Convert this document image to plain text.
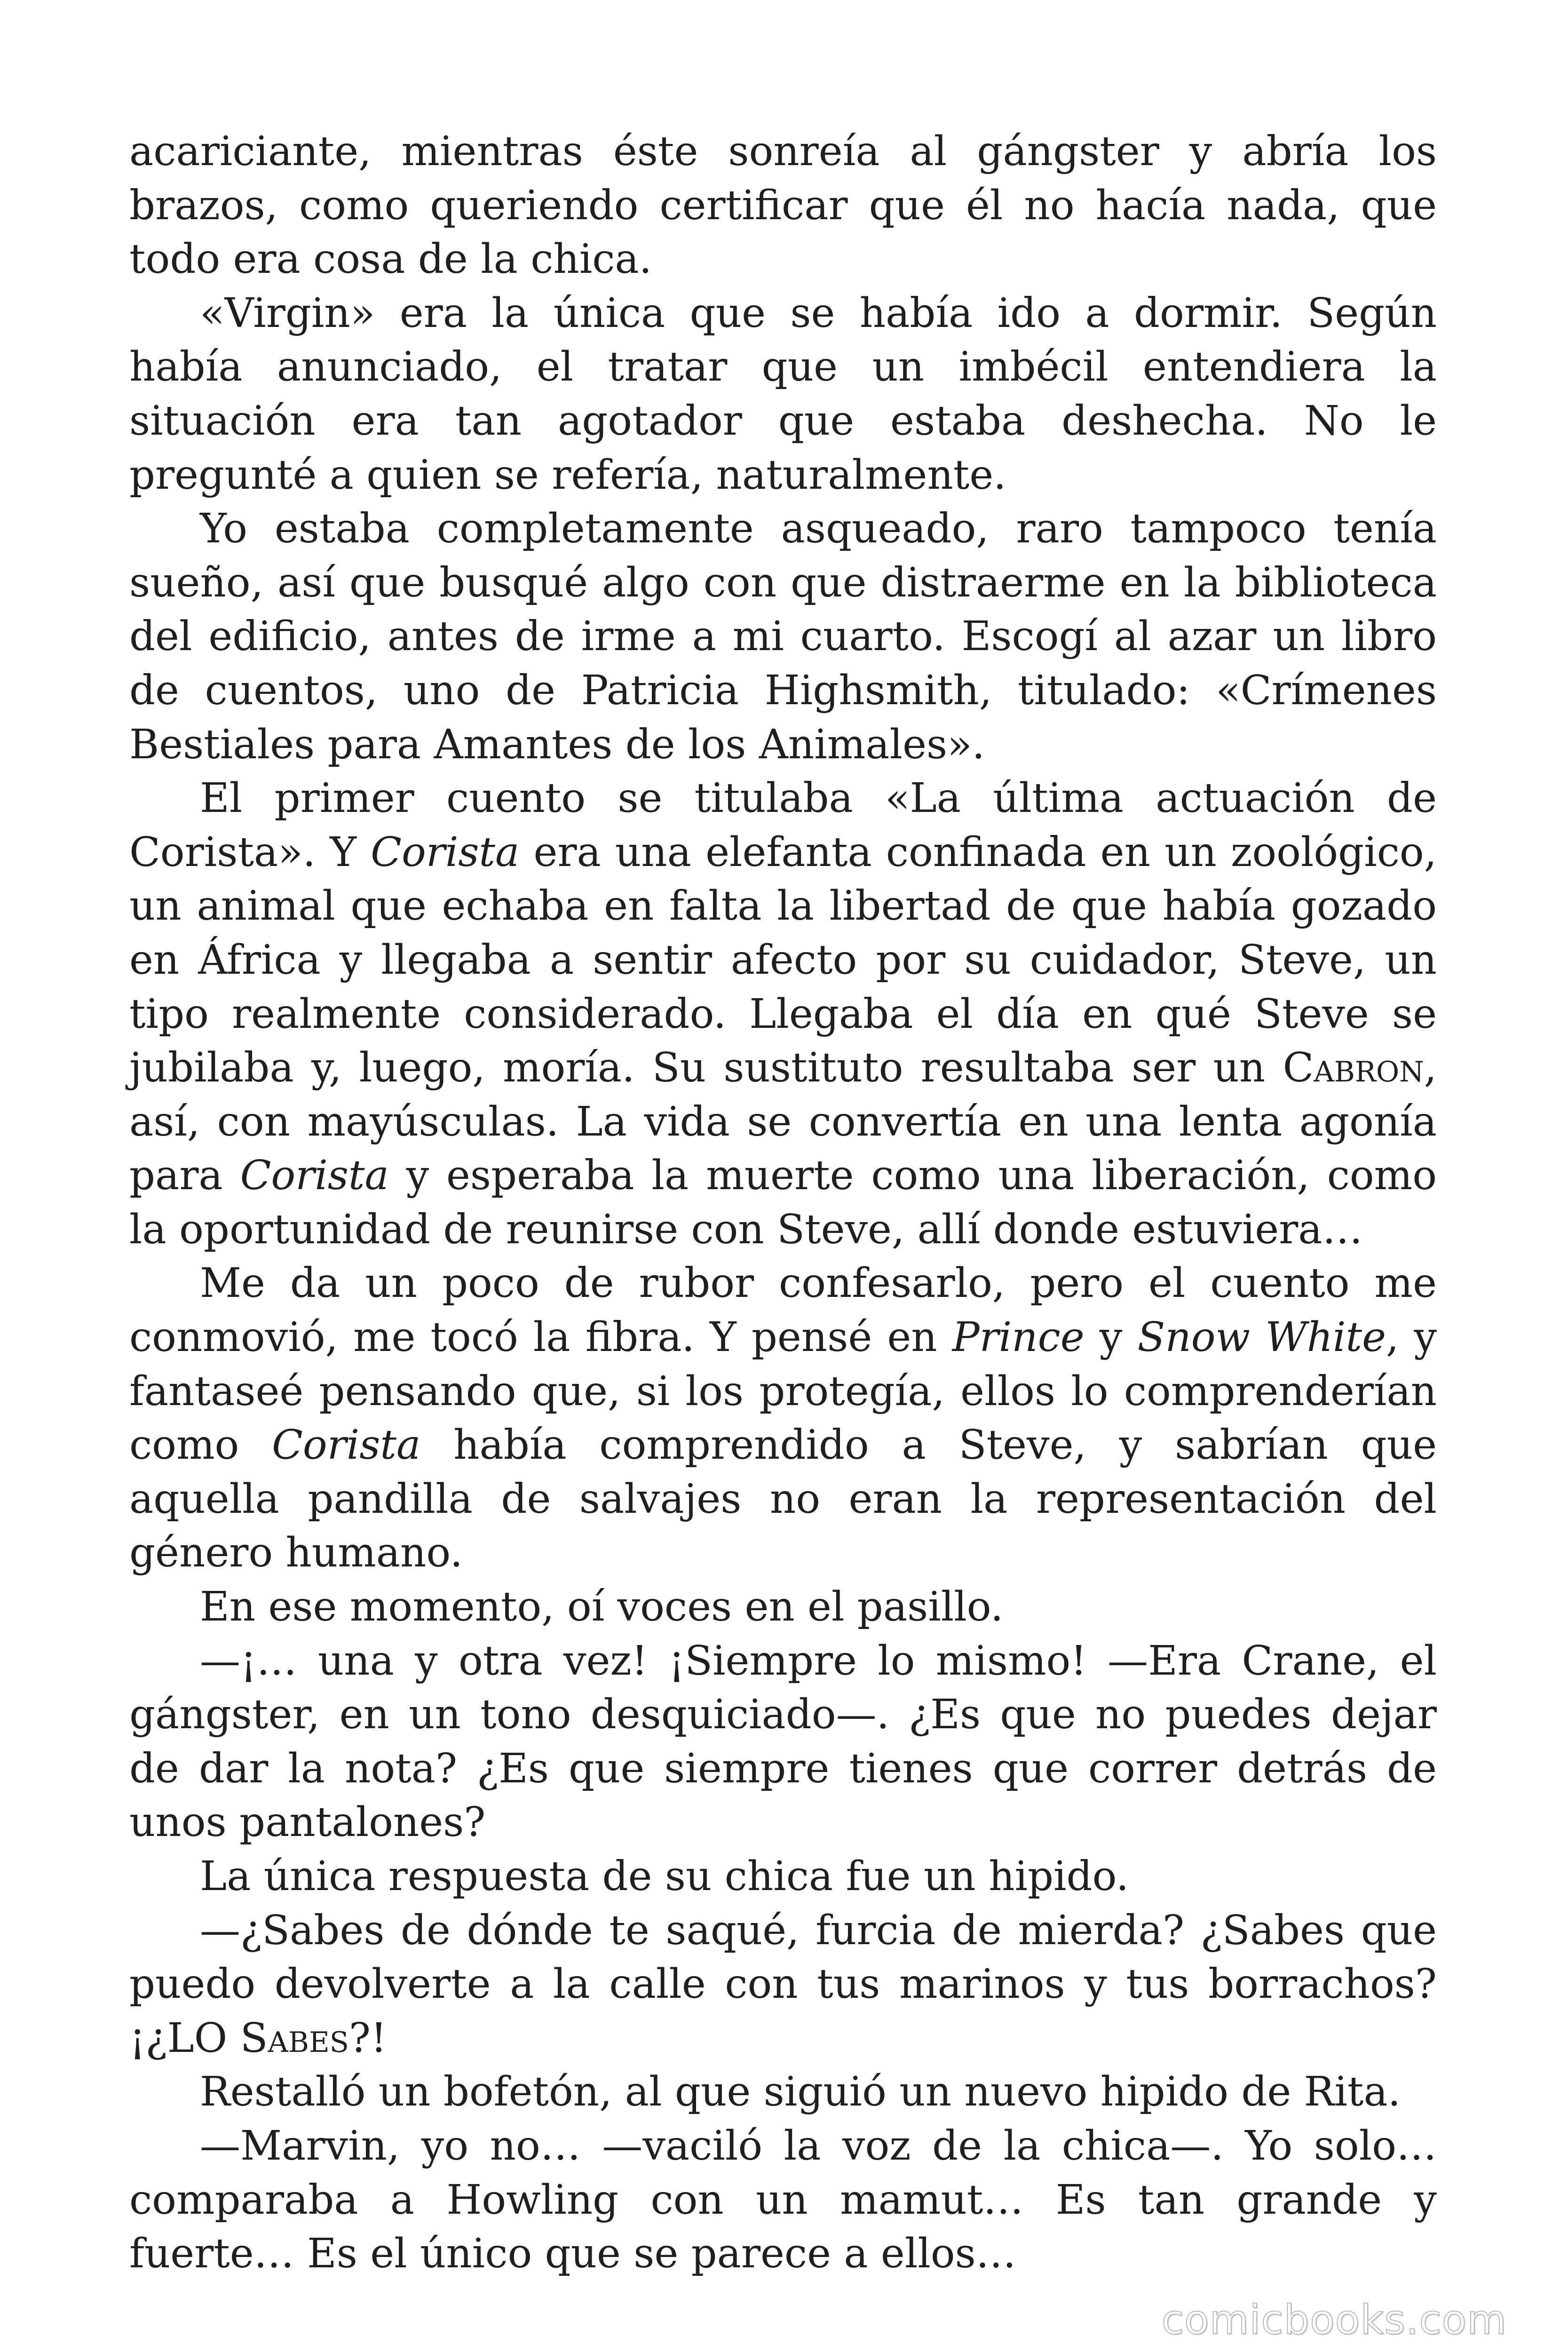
acariciante, mientras éste sonreía al gángster y abría los brazos, como queriendo certificar que él no hacía nada, que todo era cosa de la chica.

«Virgin» era la única que se había ido a dormir. Según había anunciado, el tratar que un imbécil entendiera la situación era tan agotador que estaba deshecha. No le pregunté a quien se refería, naturalmente.

Yo estaba completamente asqueado, raro tampoco tenía sueño, así que busqué algo con que distraerme en la biblioteca del edificio, antes de irme a mi cuarto. Escogí al azar un libro de cuentos, uno de Patricia Highsmith, titulado: «Crímenes Bestiales para Amantes de los Animales».

El primer cuento se titulaba «La última actuación de Corista». Y Corista era una elefanta confinada en un zoológico, un animal que echaba en falta la libertad de que había gozado en África y llegaba a sentir afecto por su cuidador, Steve, un tipo realmente considerado. Llegaba el día en qué Steve se jubilaba y, luego, moría. Su sustituto resultaba ser un Cabron, así, con mayúsculas. La vida se convertía en una lenta agonía para Corista y esperaba la muerte como una liberación, como la oportunidad de reunirse con Steve, allí donde estuviera…

Me da un poco de rubor confesarlo, pero el cuento me conmovió, me tocó la fibra. Y pensé en Prince y Snow White, y fantaseé pensando que, si los protegía, ellos lo comprenderían como Corista había comprendido a Steve, y sabrían que aquella pandilla de salvajes no eran la representación del género humano.

En ese momento, oí voces en el pasillo.

—¡… una y otra vez! ¡Siempre lo mismo! —Era Crane, el gángster, en un tono desquiciado—. ¿Es que no puedes dejar de dar la nota? ¿Es que siempre tienes que correr detrás de unos pantalones?

La única respuesta de su chica fue un hipido.

—¿Sabes de dónde te saqué, furcia de mierda? ¿Sabes que puedo devolverte a la calle con tus marinos y tus borrachos? ¡¿LO Sabes?!

Restalló un bofetón, al que siguió un nuevo hipido de Rita.

—Marvin, yo no… —vaciló la voz de la chica—. Yo solo… comparaba a Howling con un mamut… Es tan grande y fuerte… Es el único que se parece a ellos…

comicbooks.com
